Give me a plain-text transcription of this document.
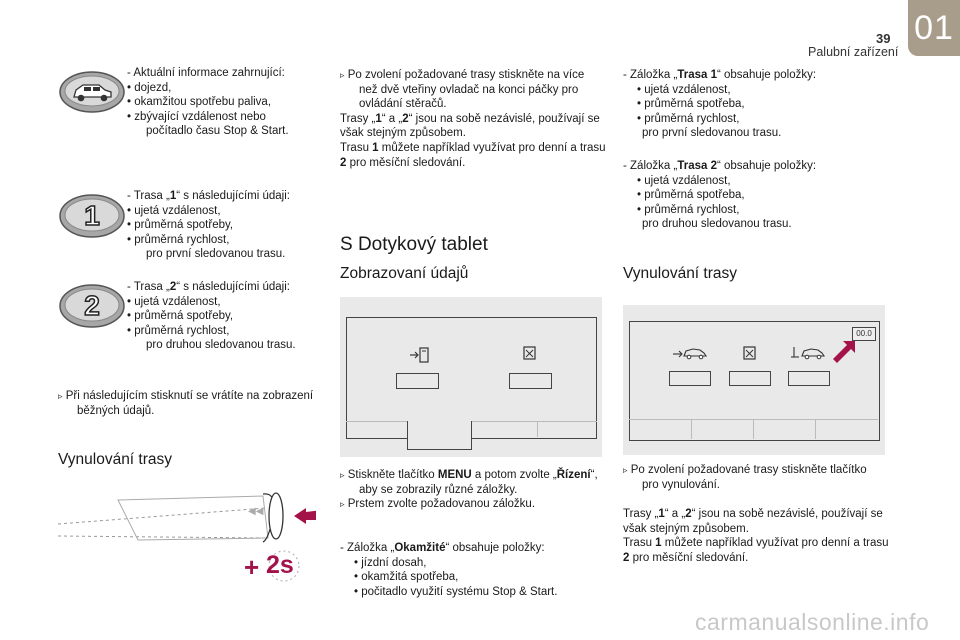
Palubní zařízení
39 01
1
2
- Aktuální informace zahrnující:
• dojezd,
• okamžitou spotřebu paliva,
• zbývající vzdálenost nebo
počítadlo času Stop & Start.
- Trasa „1“ s následujícími údaji:
• ujetá vzdálenost,
• průměrná spotřeby,
• průměrná rychlost,
pro první sledovanou trasu.
- Trasa „2“ s následujícími údaji:
• ujetá vzdálenost,
• průměrná spotřeby,
• průměrná rychlost,
pro druhou sledovanou trasu.
▹ Při následujícím stisknutí se vrátíte na zobrazení
běžných údajů.
Vynulování trasy
◀◀
+ 2s
▹ Po zvolení požadované trasy stiskněte na více
než dvě vteřiny ovladač na konci páčky pro
ovládání stěračů.
Trasy „1“ a „2“ jsou na sobě nezávislé, používají se
však stejným způsobem.
Trasu 1 můžete například využívat pro denní a trasu
2 pro měsíční sledování.
S Dotykový tablet
Zobrazovaní údajů
▹ Stiskněte tlačítko MENU a potom zvolte „Řízení“,
aby se zobrazily různé záložky.
▹ Prstem zvolte požadovanou záložku.
- Záložka „Okamžité“ obsahuje položky:
• jízdní dosah,
• okamžitá spotřeba,
• počitadlo využití systému Stop & Start.
- Záložka „Trasa 1“ obsahuje položky:
• ujetá vzdálenost,
• průměrná spotřeba,
• průměrná rychlost,
pro první sledovanou trasu.
- Záložka „Trasa 2“ obsahuje položky:
• ujetá vzdálenost,
• průměrná spotřeba,
• průměrná rychlost,
pro druhou sledovanou trasu.
Vynulování trasy
00.0
▹ Po zvolení požadované trasy stiskněte tlačítko
pro vynulování.
Trasy „1“ a „2“ jsou na sobě nezávislé, používají se
však stejným způsobem.
Trasu 1 můžete například využívat pro denní a trasu
2 pro měsíční sledování.
carmanualsonline.info
